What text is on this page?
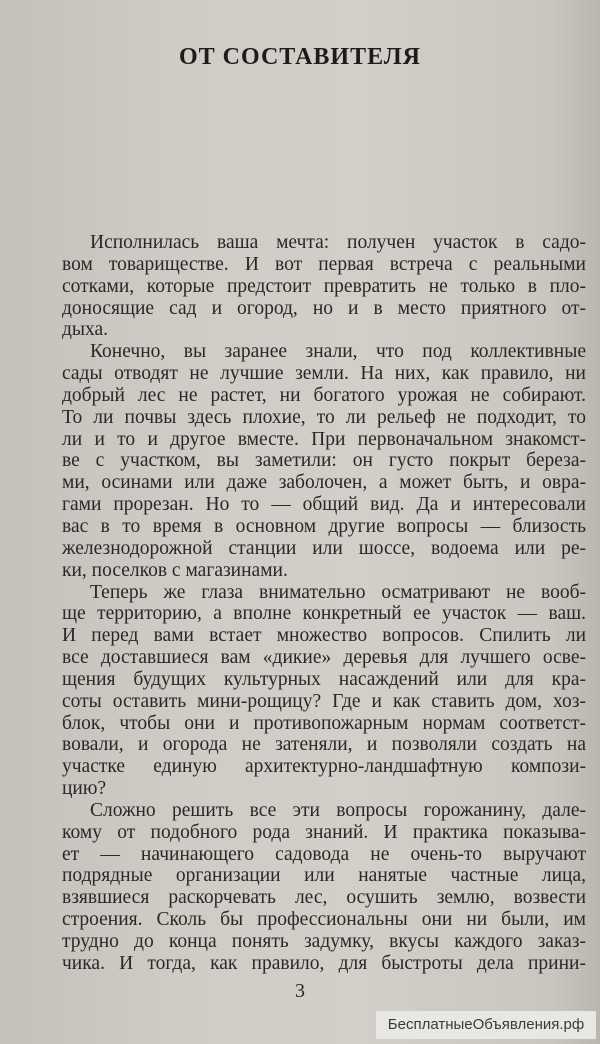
ОТ СОСТАВИТЕЛЯ
Исполнилась ваша мечта: получен участок в садо-
вом товариществе. И вот первая встреча с реальными
сотками, которые предстоит превратить не только в пло-
доносящие сад и огород, но и в место приятного от-
дыха.
Конечно, вы заранее знали, что под коллективные
сады отводят не лучшие земли. На них, как правило, ни
добрый лес не растет, ни богатого урожая не собирают.
То ли почвы здесь плохие, то ли рельеф не подходит, то
ли и то и другое вместе. При первоначальном знакомст-
ве с участком, вы заметили: он густо покрыт береза-
ми, осинами или даже заболочен, а может быть, и овра-
гами прорезан. Но то — общий вид. Да и интересовали
вас в то время в основном другие вопросы — близость
железнодорожной станции или шоссе, водоема или ре-
ки, поселков с магазинами.
Теперь же глаза внимательно осматривают не вооб-
ще территорию, а вполне конкретный ее участок — ваш.
И перед вами встает множество вопросов. Спилить ли
все доставшиеся вам «дикие» деревья для лучшего осве-
щения будущих культурных насаждений или для кра-
соты оставить мини-рощицу? Где и как ставить дом, хоз-
блок, чтобы они и противопожарным нормам соответст-
вовали, и огорода не затеняли, и позволяли создать на
участке единую архитектурно-ландшафтную компози-
цию?
Сложно решить все эти вопросы горожанину, дале-
кому от подобного рода знаний. И практика показыва-
ет — начинающего садовода не очень-то выручают
подрядные организации или нанятые частные лица,
взявшиеся раскорчевать лес, осушить землю, возвести
строения. Сколь бы профессиональны они ни были, им
трудно до конца понять задумку, вкусы каждого заказ-
чика. И тогда, как правило, для быстроты дела прини-
3
БесплатныеОбъявления.рф
